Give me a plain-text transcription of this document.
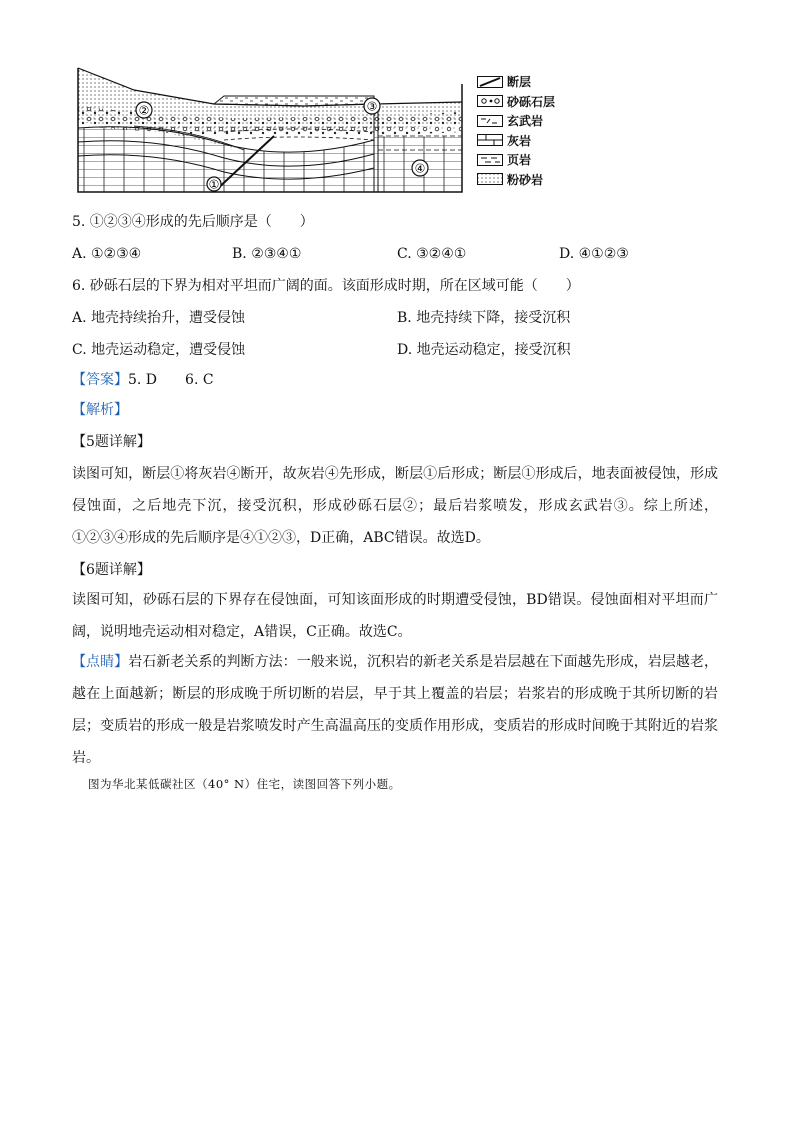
②	③
④
①
断层
砂砾石层
玄武岩
灰岩
页岩
粉砂岩
5. ①②③④形成的先后顺序是（　　）
A. ①②③④	B. ②③④①	C. ③②④①	D. ④①②③
6. 砂砾石层的下界为相对平坦而广阔的面。该面形成时期，所在区域可能（　　）
A. 地壳持续抬升，遭受侵蚀	B. 地壳持续下降，接受沉积
C. 地壳运动稳定，遭受侵蚀	D. 地壳运动稳定，接受沉积
【答案】5. D　　6. C
【解析】
【5题详解】
读图可知，断层①将灰岩④断开，故灰岩④先形成，断层①后形成；断层①形成后，地表面被侵蚀，形成侵蚀面，之后地壳下沉，接受沉积，形成砂砾石层②；最后岩浆喷发，形成玄武岩③。综上所述，①②③④形成的先后顺序是④①②③，D正确，ABC错误。故选D。
【6题详解】
读图可知，砂砾石层的下界存在侵蚀面，可知该面形成的时期遭受侵蚀，BD错误。侵蚀面相对平坦而广阔，说明地壳运动相对稳定，A错误，C正确。故选C。
【点睛】岩石新老关系的判断方法：一般来说，沉积岩的新老关系是岩层越在下面越先形成，岩层越老，越在上面越新；断层的形成晚于所切断的岩层，早于其上覆盖的岩层；岩浆岩的形成晚于其所切断的岩层；变质岩的形成一般是岩浆喷发时产生高温高压的变质作用形成，变质岩的形成时间晚于其附近的岩浆岩。
图为华北某低碳社区（40° N）住宅，读图回答下列小题。
